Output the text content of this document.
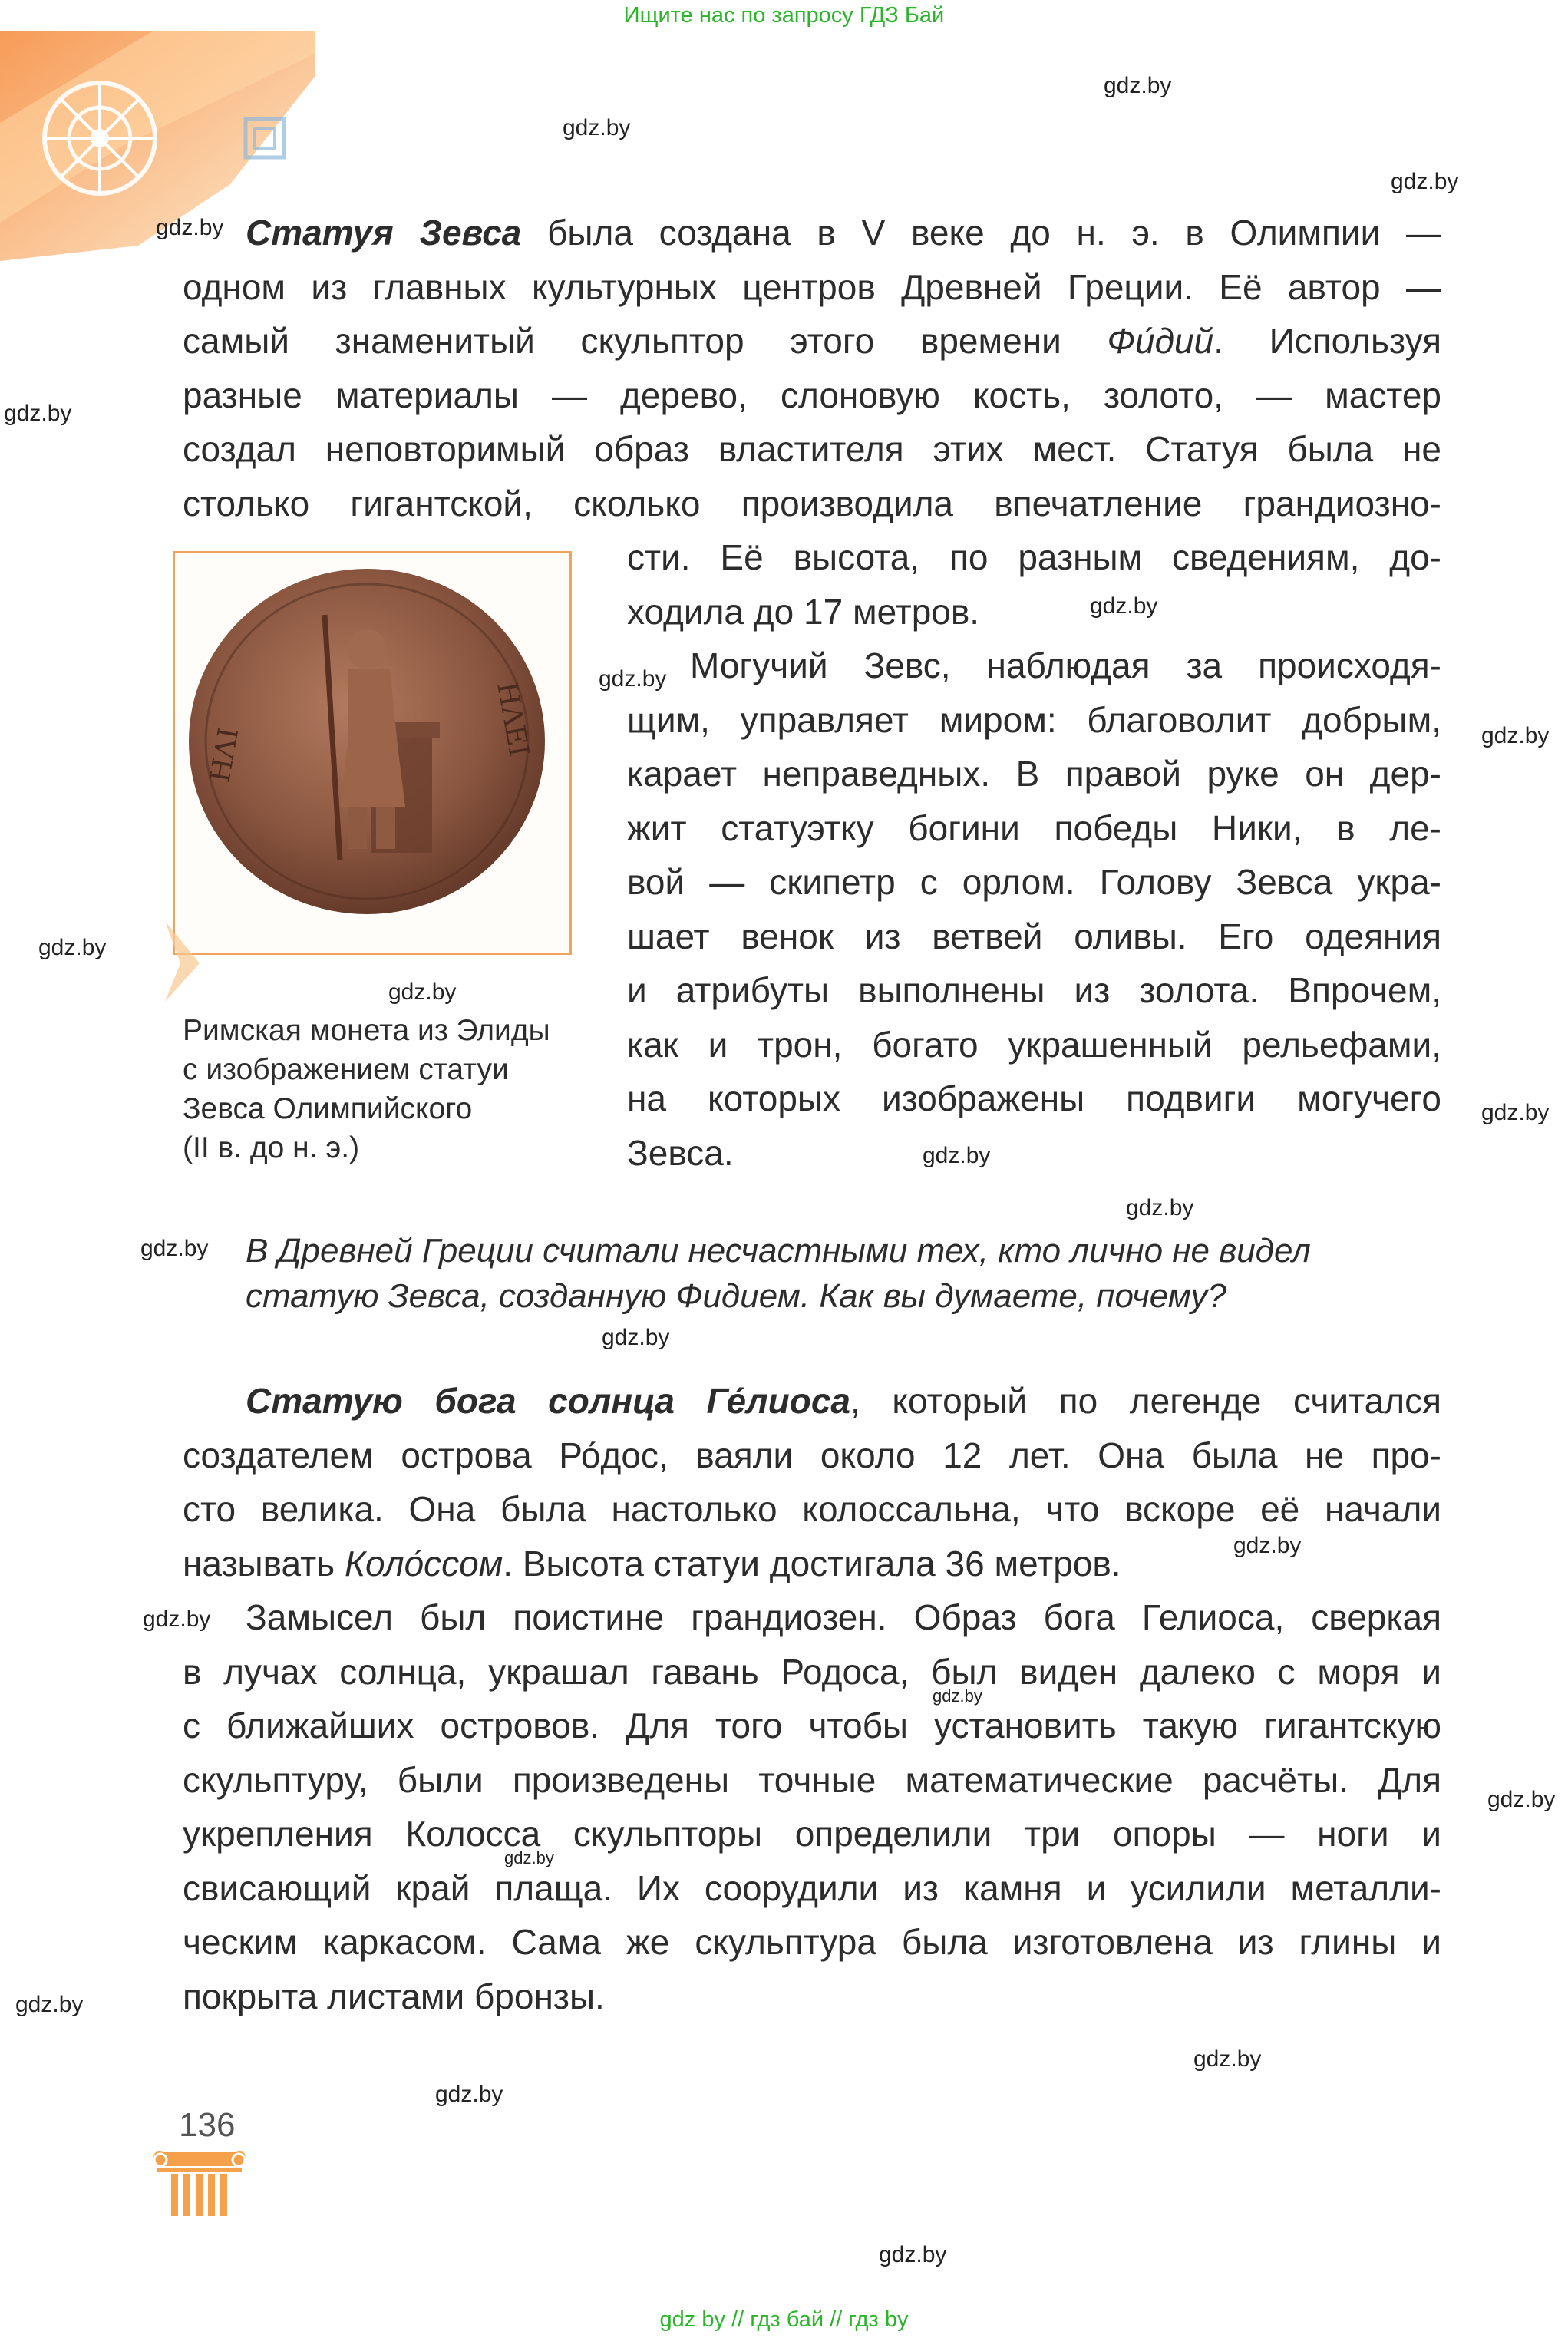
Ищите нас по запросу ГДЗ Бай
Статуя Зевса была создана в V веке до н. э. в Олимпии —
одном из главных культурных центров Древней Греции. Её автор —
самый знаменитый скульптор этого времени Фи́дий. Используя
разные материалы — дерево, слоновую кость, золото, — мастер
создал неповторимый образ властителя этих мест. Статуя была не
столько гигантской, сколько производила впечатление грандиозно-
сти. Её высота, по разным сведениям, до-
ходила до 17 метров.
ΗΛΙ	ΗΛΕΙ
Римская монета из Элиды
с изображением статуи
Зевса Олимпийского
(II в. до н. э.)
Могучий Зевс, наблюдая за происходя-
щим, управляет миром: благоволит добрым,
карает неправедных. В правой руке он дер-
жит статуэтку богини победы Ники, в ле-
вой — скипетр с орлом. Голову Зевса укра-
шает венок из ветвей оливы. Его одеяния
и атрибуты выполнены из золота. Впрочем,
как и трон, богато украшенный рельефами,
на которых изображены подвиги могучего
Зевса.
В Древней Греции считали несчастными тех, кто лично не видел
статую Зевса, созданную Фидием. Как вы думаете, почему?
Статую бога солнца Ге́лиоса, который по легенде считался
создателем острова Ро́дос, ваяли около 12 лет. Она была не про-
сто велика. Она была настолько колоссальна, что вскоре её начали
называть Коло́ссом. Высота статуи достигала 36 метров.
Замысел был поистине грандиозен. Образ бога Гелиоса, сверкая
в лучах солнца, украшал гавань Родоса, был виден далеко с моря и
с ближайших островов. Для того чтобы установить такую гигантскую
скульптуру, были произведены точные математические расчёты. Для
укрепления Колосса скульпторы определили три опоры — ноги и
свисающий край плаща. Их соорудили из камня и усилили металли-
ческим каркасом. Сама же скульптура была изготовлена из глины и
покрыта листами бронзы.
136
gdz by // гдз бай // гдз by
gdz.by
gdz.by
gdz.by
gdz.by
gdz.by
gdz.by
gdz.by
gdz.by
gdz.by
gdz.by
gdz.by
gdz.by
gdz.by
gdz.by
gdz.by
gdz.by
gdz.by
gdz.by
gdz.by
gdz.by
gdz.by
gdz.by
gdz.by
gdz.by
